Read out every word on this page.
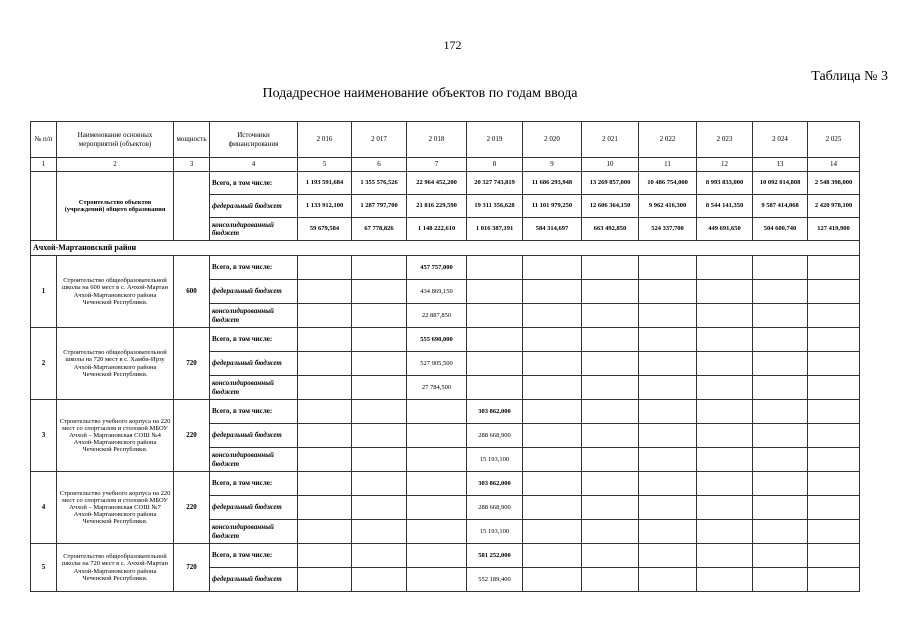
172
Таблица № 3
Подадресное наименование объектов по годам ввода
№ п/п	Наименование основных мероприятий (объектов)	мощность	Источники финансирования	2 016	2 017	2 018	2 019	2 020	2 021	2 022	2 023	2 024	2 025
1	2	3	4	5	6	7	8	9	10	11	12	13	14
	Строительство объектов (учреждений) общего образования		Всего, в том числе:	1 193 591,684	1 355 576,526	22 964 452,200	20 327 743,819	11 686 293,948	13 269 857,000	10 486 754,000	8 993 833,000	10 092 014,808	2 548 398,000
			федеральный бюджет	1 133 912,100	1 287 797,700	21 816 229,590	19 311 356,628	11 101 979,250	12 606 364,150	9 962 416,300	8 544 141,350	9 587 414,068	2 420 978,100
			консолидированный бюджет	59 679,584	67 778,826	1 148 222,610	1 016 387,191	584 314,697	663 492,850	524 337,700	449 691,650	504 600,740	127 419,900
Ачхой-Мартановский район													
1	Строительство общеобразовательной школы на 600 мест в с. Ачхой-Мартан Ачхой-Мартановского района Чеченской Республики.	600	Всего, в том числе:			457 757,000							
			федеральный бюджет			434 869,150							
			консолидированный бюджет			22 887,850							
2	Строительство общеобразовательной школы на 720 мест в с. Хамби-Ирзу Ачхой-Мартановского района Чеченской Республики.	720	Всего, в том числе:			555 690,000							
			федеральный бюджет			527 905,500							
			консолидированный бюджет			27 784,500							
3	Строительство учебного корпуса на 220 мест со спортзалом и столовой МБОУ Ачхой – Мартановская СОШ №4 Ачхой-Мартановского района Чеченской Республики.	220	Всего, в том числе:				303 862,000						
			федеральный бюджет				288 668,900						
			консолидированный бюджет				15 193,100						
4	Строительство учебного корпуса на 220 мест со спортзалом и столовой МБОУ Ачхой – Мартановская СОШ №7 Ачхой-Мартановского района Чеченской Республики.	220	Всего, в том числе:				303 862,000						
			федеральный бюджет				288 668,900						
			консолидированный бюджет				15 193,100						
5	Строительство общеобразовательной школы на 720 мест в с. Ачхой-Мартан Ачхой-Мартановского района Чеченской Республики.	720	Всего, в том числе:				581 252,000						
			федеральный бюджет				552 189,400						
